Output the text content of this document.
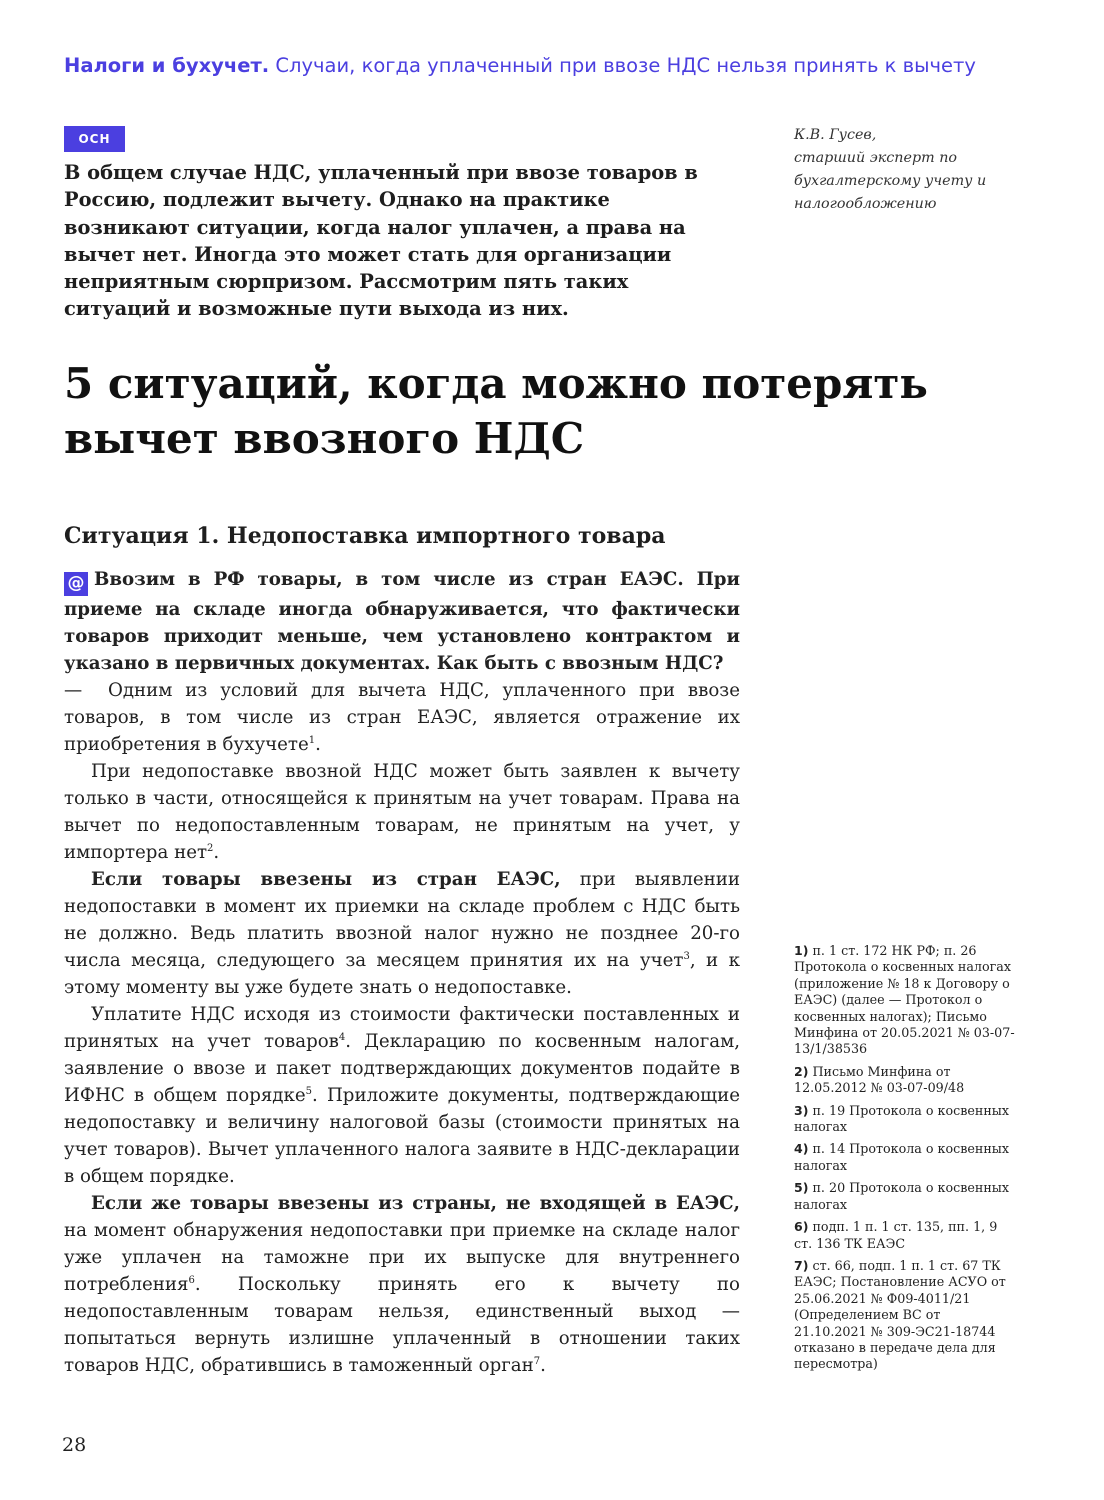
Налоги и бухучет. Случаи, когда уплаченный при ввозе НДС нельзя принять к вычету
ОСН
В общем случае НДС, уплаченный при ввозе товаров в Россию, подлежит вычету. Однако на практике возникают ситуации, когда налог уплачен, а права на вычет нет. Иногда это может стать для организации неприятным сюрпризом. Рассмотрим пять таких ситуаций и возможные пути выхода из них.
К.В. Гусев,
старший эксперт по бухгалтерскому учету и налогообложению
5 ситуаций, когда можно потерять вычет ввозного НДС
Ситуация 1. Недопоставка импортного товара

@ Ввозим в РФ товары, в том числе из стран ЕАЭС. При приеме на складе иногда обнаруживается, что фактически товаров приходит меньше, чем установлено контрактом и указано в первичных документах. Как быть с ввозным НДС?

— Одним из условий для вычета НДС, уплаченного при ввозе товаров, в том числе из стран ЕАЭС, является отражение их приобретения в бухучете$^1$.

При недопоставке ввозной НДС может быть заявлен к вычету только в части, относящейся к принятым на учет товарам. Права на вычет по недопоставленным товарам, не принятым на учет, у импортера нет$^2$.

Если товары ввезены из стран ЕАЭС, при выявлении недопоставки в момент их приемки на складе проблем с НДС быть не должно. Ведь платить ввозной налог нужно не позднее 20-го числа месяца, следующего за месяцем принятия их на учет$^3$, и к этому моменту вы уже будете знать о недопоставке.

Уплатите НДС исходя из стоимости фактически поставленных и принятых на учет товаров$^4$. Декларацию по косвенным налогам, заявление о ввозе и пакет подтверждающих документов подайте в ИФНС в общем порядке$^5$. Приложите документы, подтверждающие недопоставку и величину налоговой базы (стоимости принятых на учет товаров). Вычет уплаченного налога заявите в НДС-декларации в общем порядке.

Если же товары ввезены из страны, не входящей в ЕАЭС, на момент обнаружения недопоставки при приемке на складе налог уже уплачен на таможне при их выпуске для внутреннего потребления$^6$. Поскольку принять его к вычету по недопоставленным товарам нельзя, единственный выход — попытаться вернуть излишне уплаченный в отношении таких товаров НДС, обратившись в таможенный орган$^7$.

1) п. 1 ст. 172 НК РФ; п. 26 Протокола о косвенных налогах (приложение № 18 к Договору о ЕАЭС) (далее — Протокол о косвенных налогах); Письмо Минфина от 20.05.2021 № 03-07-13/1/38536
2) Письмо Минфина от 12.05.2012 № 03-07-09/48
3) п. 19 Протокола о косвенных налогах
4) п. 14 Протокола о косвенных налогах
5) п. 20 Протокола о косвенных налогах
6) подп. 1 п. 1 ст. 135, пп. 1, 9 ст. 136 ТК ЕАЭС
7) ст. 66, подп. 1 п. 1 ст. 67 ТК ЕАЭС; Постановление АСУО от 25.06.2021 № Ф09-4011/21 (Определением ВС от 21.10.2021 № 309-ЭС21-18744 отказано в передаче дела для пересмотра)
28
